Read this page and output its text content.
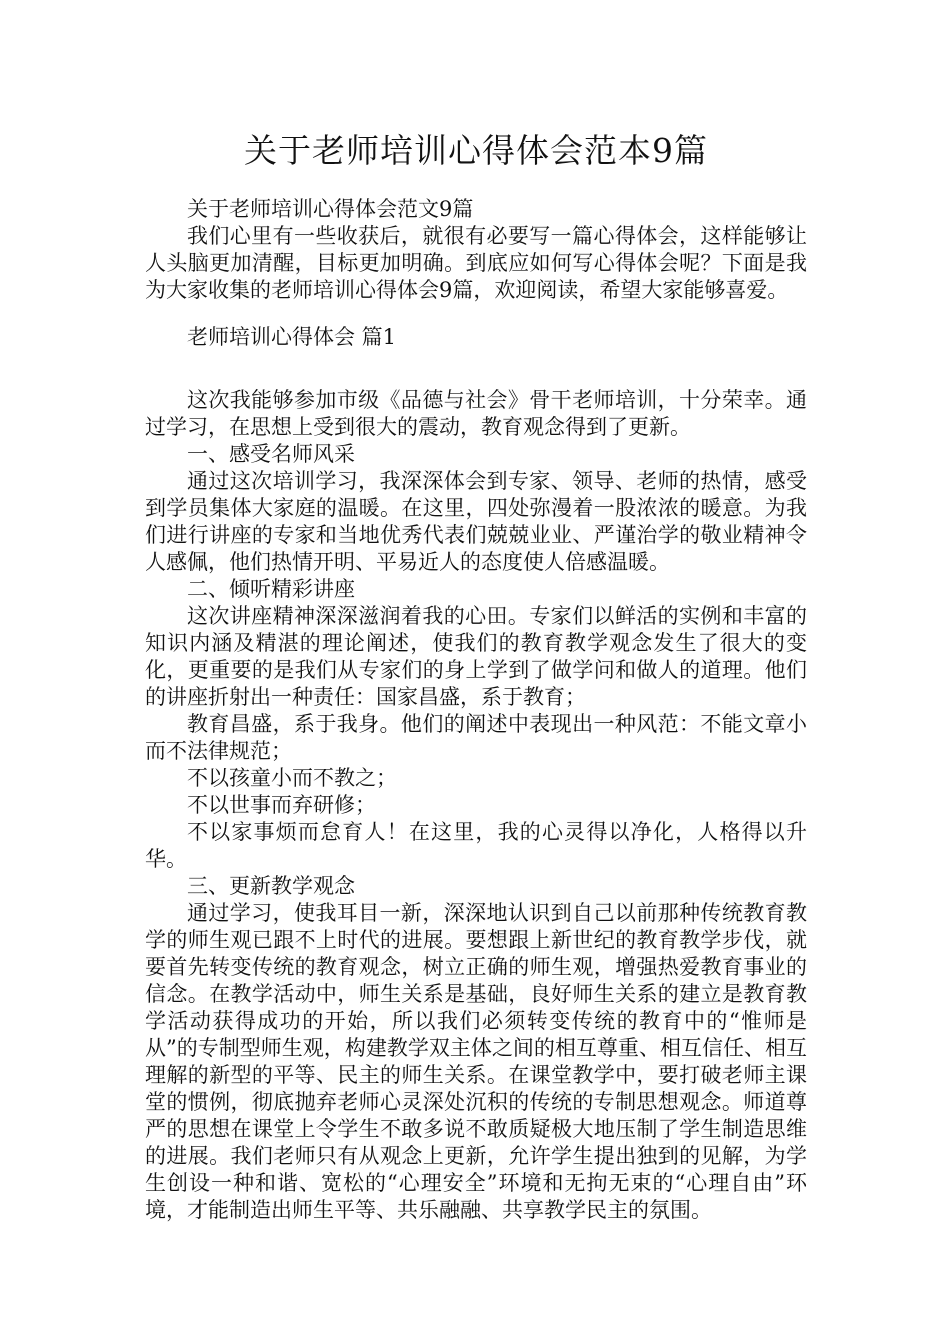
关于老师培训心得体会范本9篇

关于老师培训心得体会范文9篇

我们心里有一些收获后，就很有必要写一篇心得体会，这样能够让人头脑更加清醒，目标更加明确。到底应如何写心得体会呢？下面是我为大家收集的老师培训心得体会9篇，欢迎阅读，希望大家能够喜爱。

老师培训心得体会 篇1

这次我能够参加市级《品德与社会》骨干老师培训，十分荣幸。通过学习，在思想上受到很大的震动，教育观念得到了更新。

一、感受名师风采

通过这次培训学习，我深深体会到专家、领导、老师的热情，感受到学员集体大家庭的温暖。在这里，四处弥漫着一股浓浓的暖意。为我们进行讲座的专家和当地优秀代表们兢兢业业、严谨治学的敬业精神令人感佩，他们热情开明、平易近人的态度使人倍感温暖。

二、倾听精彩讲座

这次讲座精神深深滋润着我的心田。专家们以鲜活的实例和丰富的知识内涵及精湛的理论阐述，使我们的教育教学观念发生了很大的变化，更重要的是我们从专家们的身上学到了做学问和做人的道理。他们的讲座折射出一种责任：国家昌盛，系于教育；

教育昌盛，系于我身。他们的阐述中表现出一种风范：不能文章小而不法律规范；

不以孩童小而不教之；

不以世事而弃研修；

不以家事烦而怠育人！在这里，我的心灵得以净化，人格得以升华。

三、更新教学观念

通过学习，使我耳目一新，深深地认识到自己以前那种传统教育教学的师生观已跟不上时代的进展。要想跟上新世纪的教育教学步伐，就要首先转变传统的教育观念，树立正确的师生观，增强热爱教育事业的信念。在教学活动中，师生关系是基础，良好师生关系的建立是教育教学活动获得成功的开始，所以我们必须转变传统的教育中的“惟师是从”的专制型师生观，构建教学双主体之间的相互尊重、相互信任、相互理解的新型的平等、民主的师生关系。在课堂教学中，要打破老师主课堂的惯例，彻底抛弃老师心灵深处沉积的传统的专制思想观念。师道尊严的思想在课堂上令学生不敢多说不敢质疑极大地压制了学生制造思维的进展。我们老师只有从观念上更新，允许学生提出独到的见解，为学生创设一种和谐、宽松的“心理安全”环境和无拘无束的“心理自由”环境，才能制造出师生平等、共乐融融、共享教学民主的氛围。
